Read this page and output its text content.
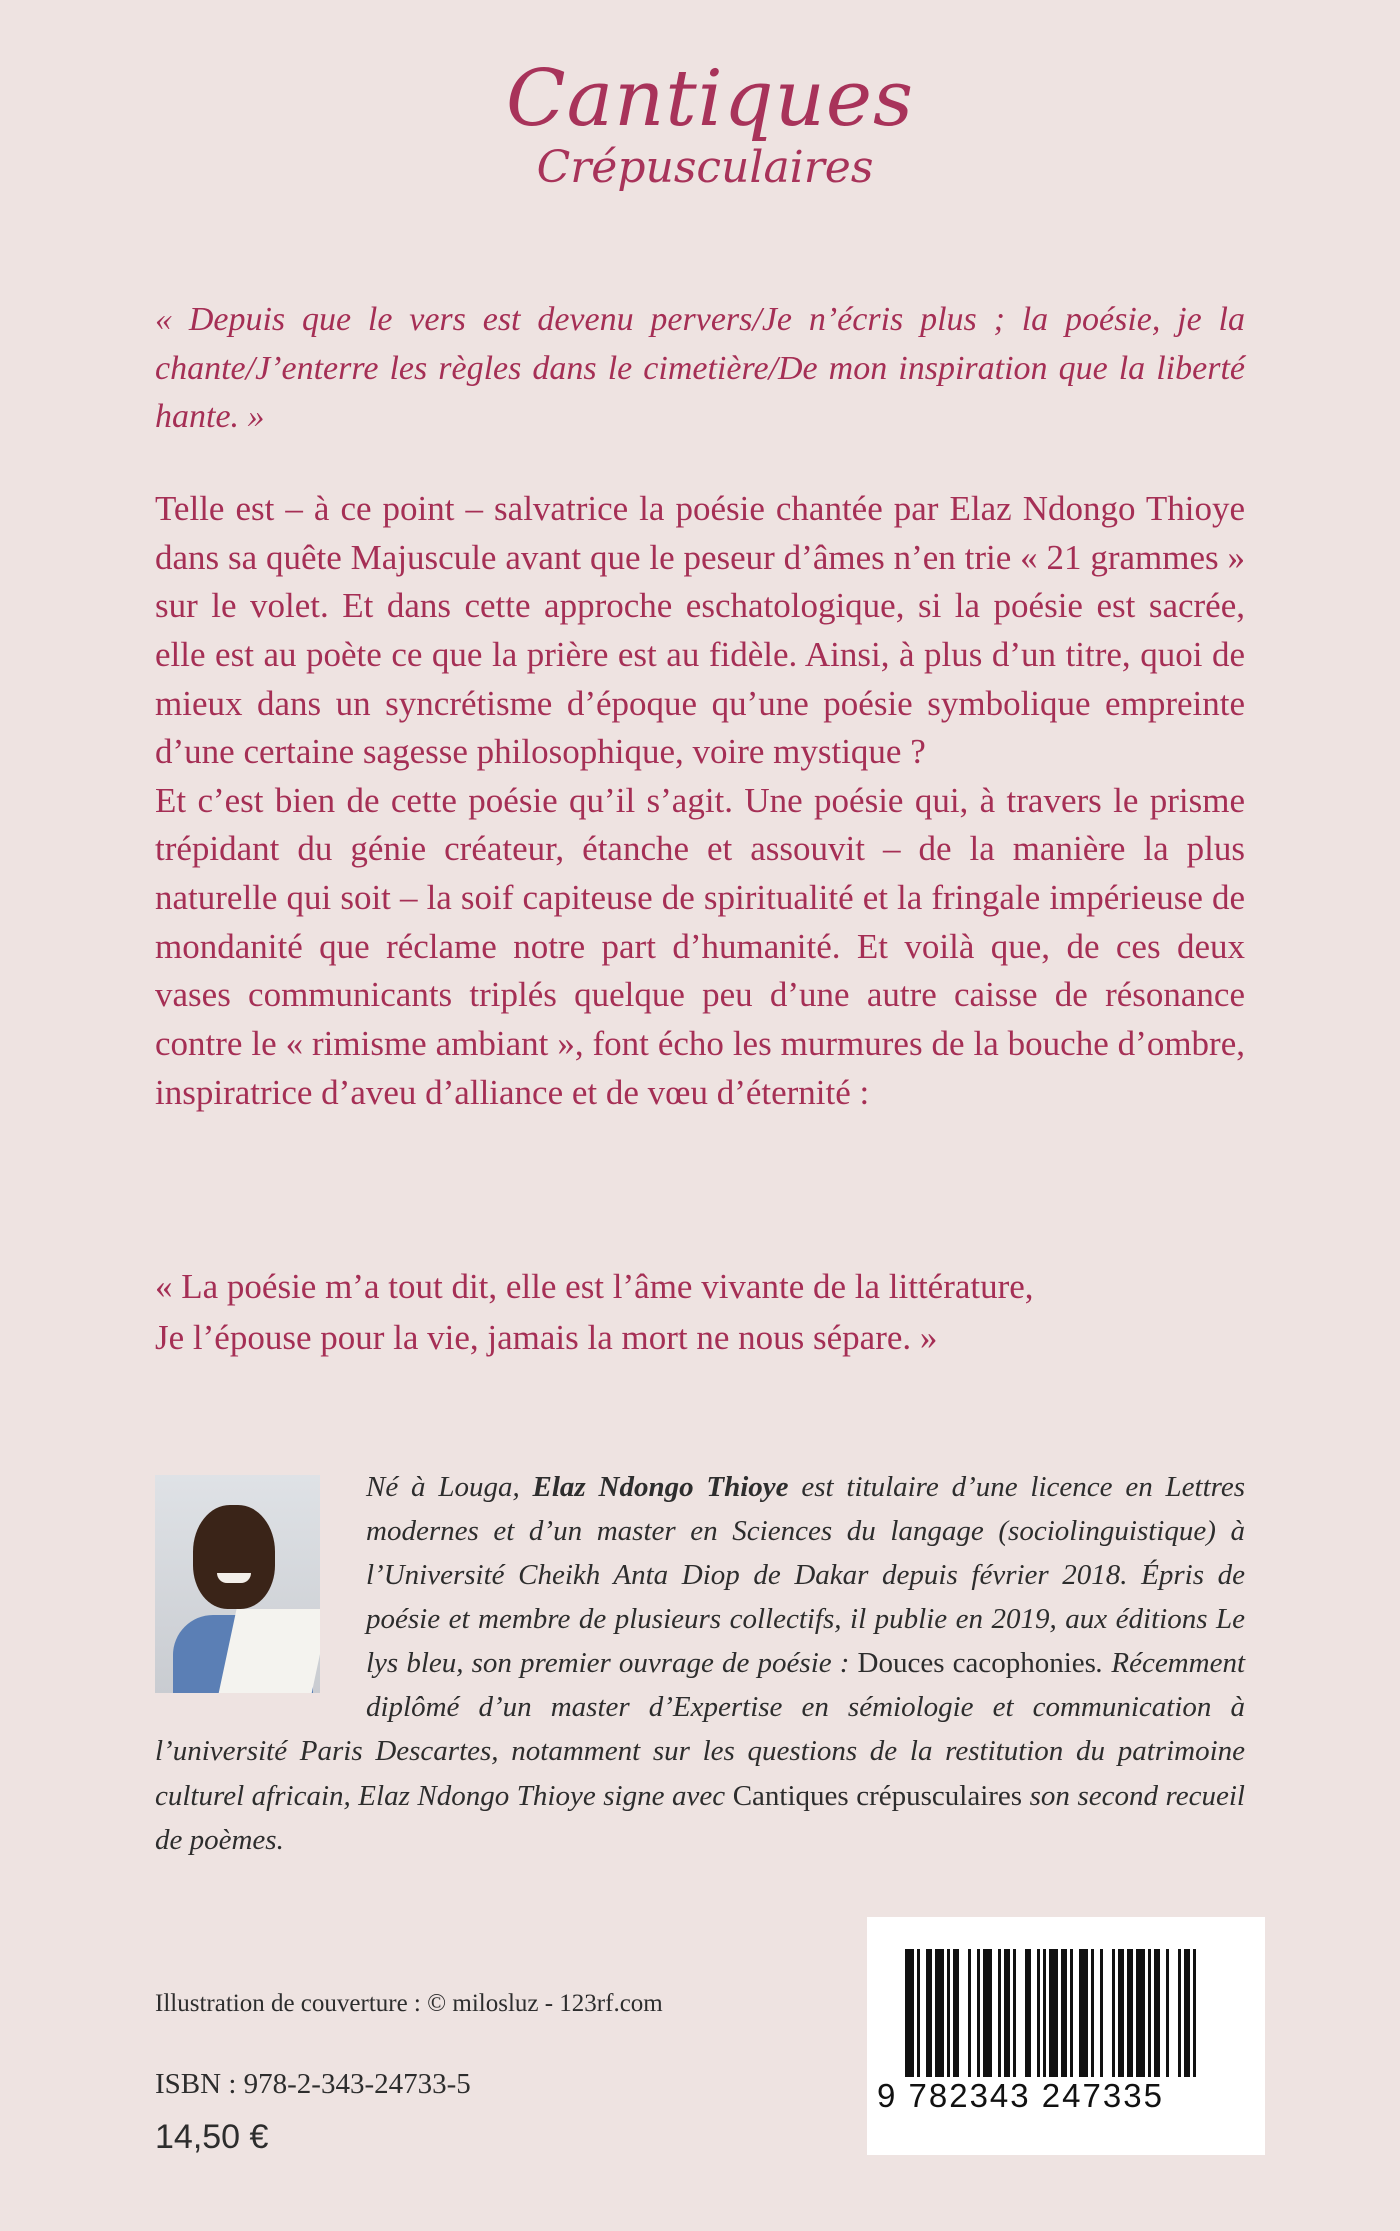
Cantiques
Crépusculaires

« Depuis que le vers est devenu pervers/Je n’écris plus ; la poésie, je la chante/J’enterre les règles dans le cimetière/De mon inspiration que la liberté hante. »

Telle est – à ce point – salvatrice la poésie chantée par Elaz Ndongo Thioye dans sa quête Majuscule avant que le peseur d’âmes n’en trie « 21 grammes » sur le volet. Et dans cette approche eschatologique, si la poésie est sacrée, elle est au poète ce que la prière est au fidèle. Ainsi, à plus d’un titre, quoi de mieux dans un syncrétisme d’époque qu’une poésie symbolique empreinte d’une certaine sagesse philosophique, voire mystique ?

Et c’est bien de cette poésie qu’il s’agit. Une poésie qui, à travers le prisme trépidant du génie créateur, étanche et assouvit – de la manière la plus naturelle qui soit – la soif capiteuse de spiritualité et la fringale impérieuse de mondanité que réclame notre part d’humanité. Et voilà que, de ces deux vases communicants triplés quelque peu d’une autre caisse de résonance contre le « rimisme ambiant », font écho les murmures de la bouche d’ombre, inspiratrice d’aveu d’alliance et de vœu d’éternité :

« La poésie m’a tout dit, elle est l’âme vivante de la littérature,
Je l’épouse pour la vie, jamais la mort ne nous sépare. »

Né à Louga, Elaz Ndongo Thioye est titulaire d’une licence en Lettres modernes et d’un master en Sciences du langage (sociolinguistique) à l’Université Cheikh Anta Diop de Dakar depuis février 2018. Épris de poésie et membre de plusieurs collectifs, il publie en 2019, aux éditions Le lys bleu, son premier ouvrage de poésie : Douces cacophonies. Récemment diplômé d’un master d’Expertise en sémiologie et communication à l’université Paris Descartes, notamment sur les questions de la restitution du patrimoine culturel africain, Elaz Ndongo Thioye signe avec Cantiques crépusculaires son second recueil de poèmes.

Illustration de couverture : © milosluz - 123rf.com
ISBN : 978-2-343-24733-5
14,50 €
9 782343 247335
